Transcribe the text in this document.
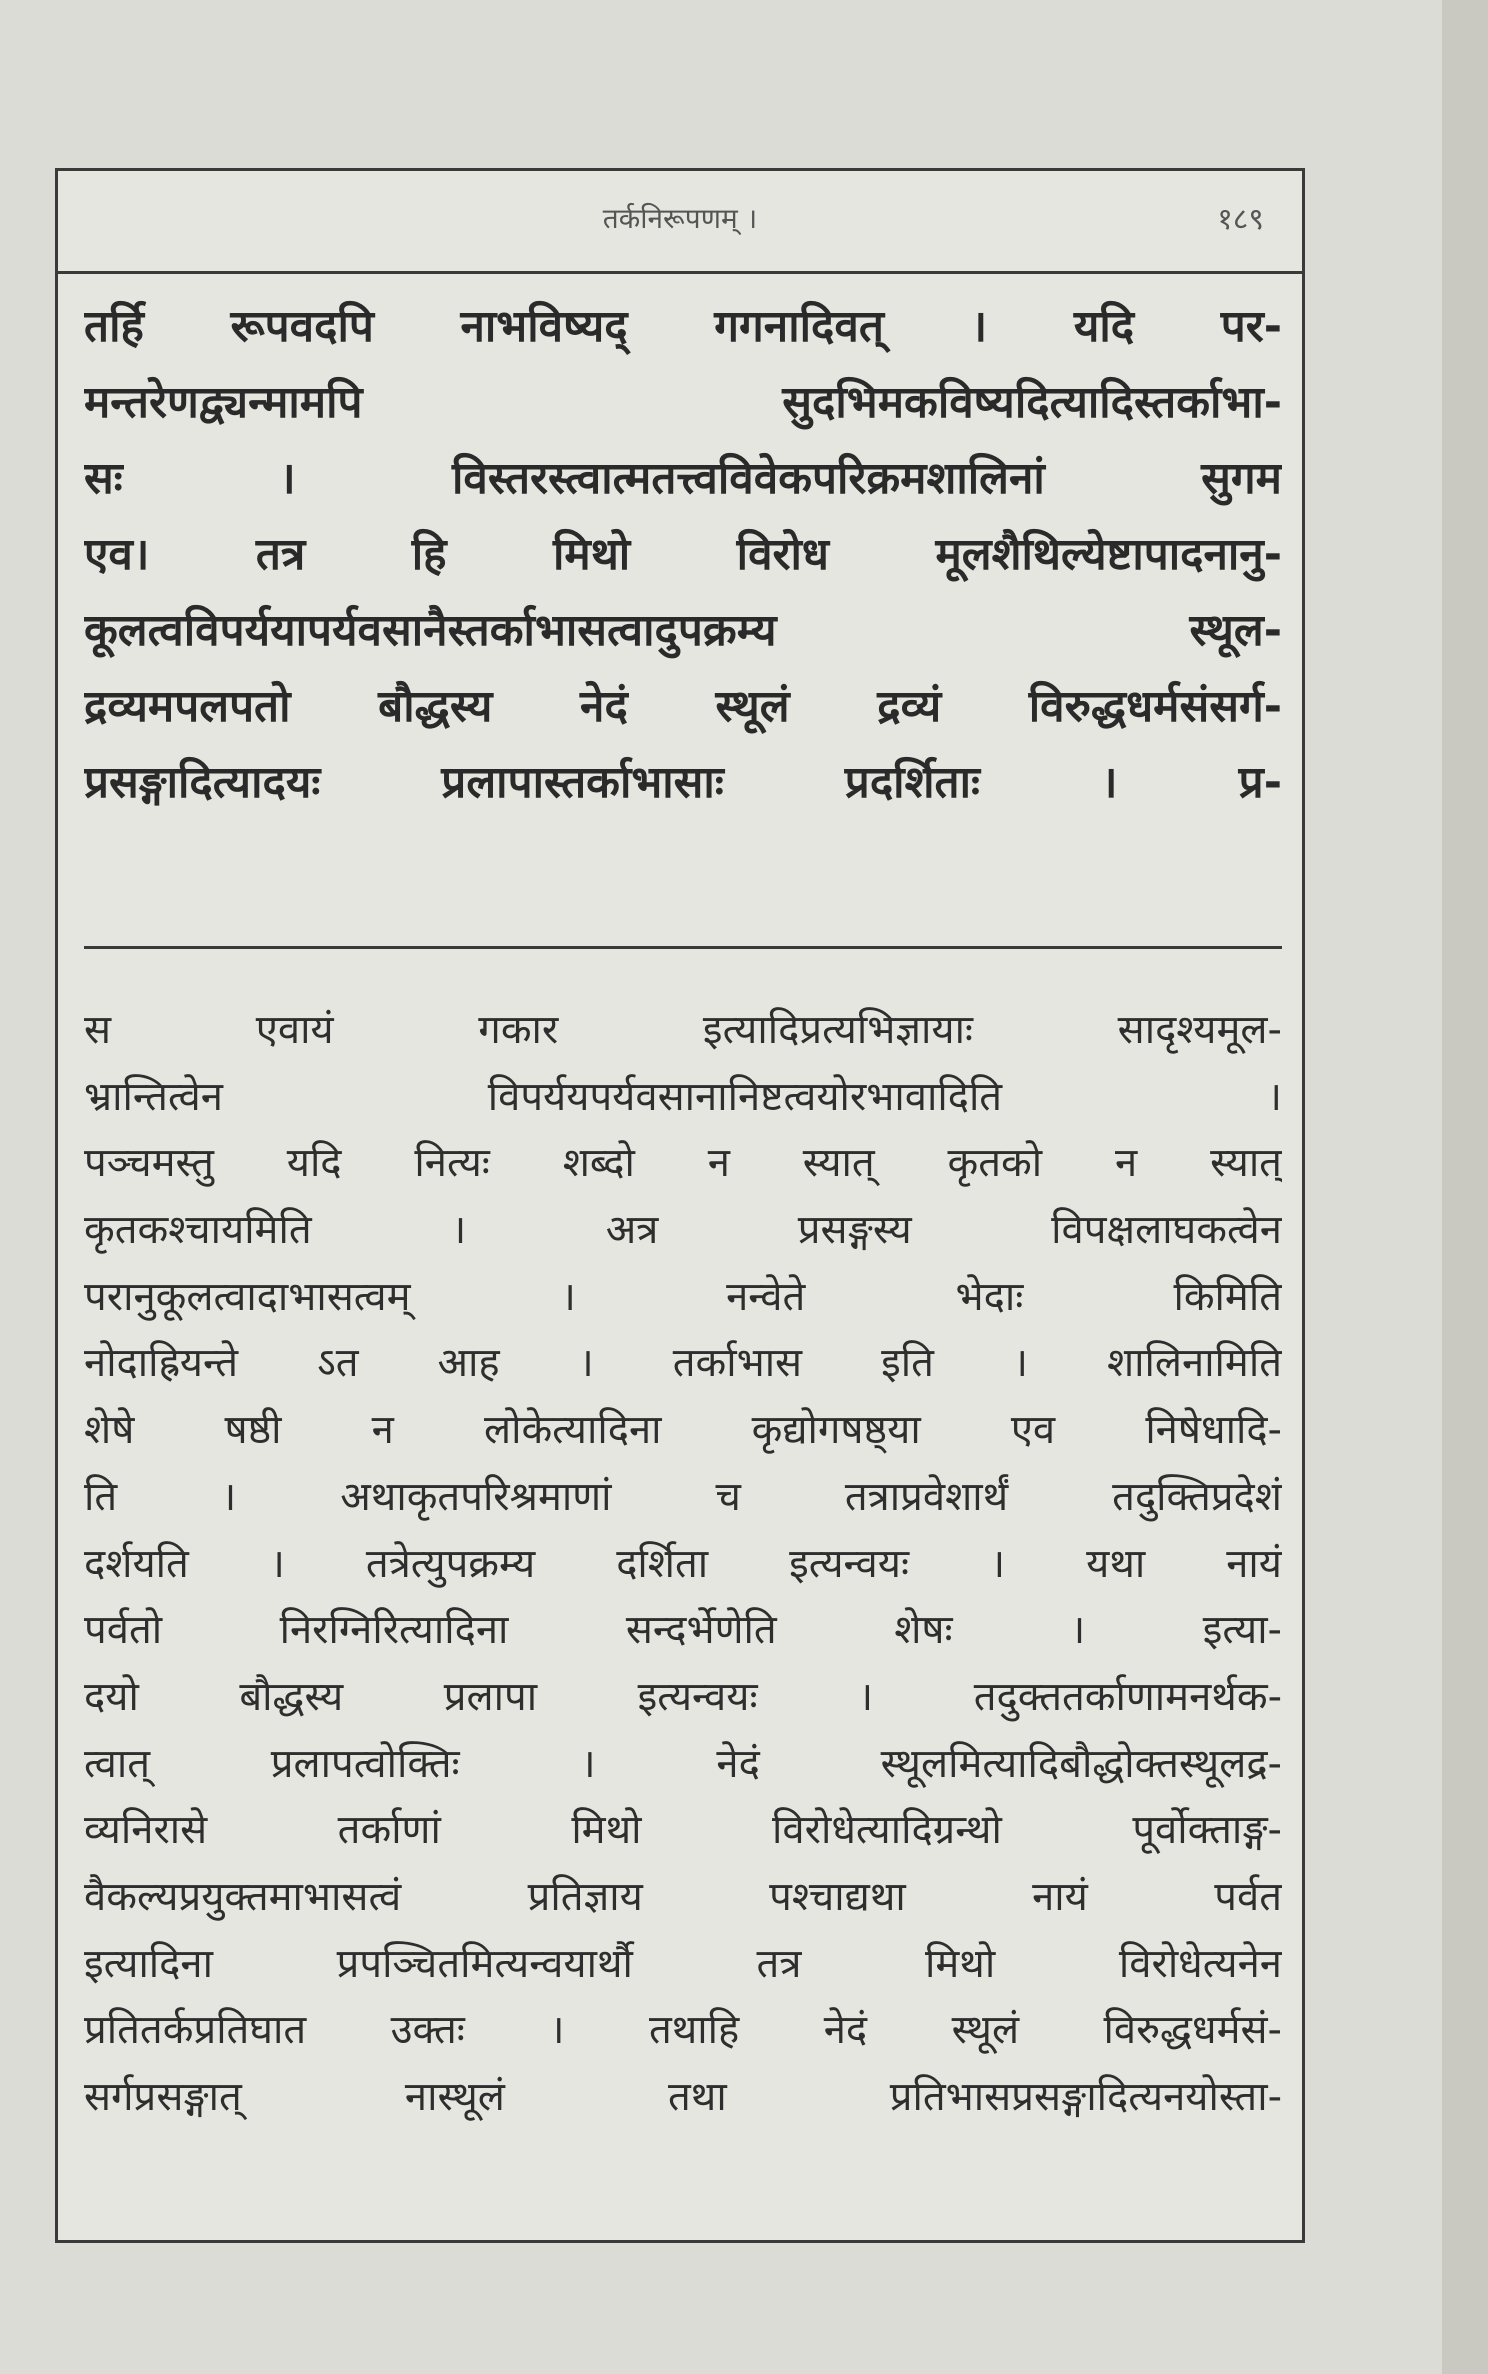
तर्कनिरूपणम् ।	१८९
तर्हि रूपवदपि नाभविष्यद् गगनादिवत् । यदि पर-
मन्तरेणद्व्यन्मामपि सुदभिमकविष्यदित्यादिस्तर्काभा-
सः । विस्तरस्त्वात्मतत्त्वविवेकपरिक्रमशालिनां सुगम
एव। तत्र हि मिथो विरोध मूलशैथिल्येष्टापादनानु-
कूलत्वविपर्ययापर्यवसानैस्तर्काभासत्वादुपक्रम्य स्थूल-
द्रव्यमपलपतो बौद्धस्य नेदं स्थूलं द्रव्यं विरुद्धधर्मसंसर्ग-
प्रसङ्गादित्यादयः प्रलापास्तर्काभासाः प्रदर्शिताः । प्र-
स एवायं गकार इत्यादिप्रत्यभिज्ञायाः सादृश्यमूल-
भ्रान्तित्वेन विपर्ययपर्यवसानानिष्टत्वयोरभावादिति ।
पञ्चमस्तु यदि नित्यः शब्दो न स्यात् कृतको न स्यात्
कृतकश्चायमिति । अत्र प्रसङ्गस्य विपक्षलाघकत्वेन
परानुकूलत्वादाभासत्वम् । नन्वेते भेदाः किमिति
नोदाह्रियन्ते ऽत आह । तर्काभास इति । शालिनामिति
शेषे षष्ठी न लोकेत्यादिना कृद्योगषष्ठ्या एव निषेधादि-
ति । अथाकृतपरिश्रमाणां च तत्राप्रवेशार्थं तदुक्तिप्रदेशं
दर्शयति । तत्रेत्युपक्रम्य दर्शिता इत्यन्वयः । यथा नायं
पर्वतो निरग्निरित्यादिना सन्दर्भेणेति शेषः । इत्या-
दयो बौद्धस्य प्रलापा इत्यन्वयः । तदुक्ततर्काणामनर्थक-
त्वात् प्रलापत्वोक्तिः । नेदं स्थूलमित्यादिबौद्धोक्तस्थूलद्र-
व्यनिरासे तर्काणां मिथो विरोधेत्यादिग्रन्थो पूर्वोक्ताङ्ग-
वैकल्यप्रयुक्तमाभासत्वं प्रतिज्ञाय पश्चाद्यथा नायं पर्वत
इत्यादिना प्रपञ्चितमित्यन्वयार्थौ तत्र मिथो विरोधेत्यनेन
प्रतितर्कप्रतिघात उक्तः । तथाहि नेदं स्थूलं विरुद्धधर्मसं-
सर्गप्रसङ्गात् नास्थूलं तथा प्रतिभासप्रसङ्गादित्यनयोस्ता-
